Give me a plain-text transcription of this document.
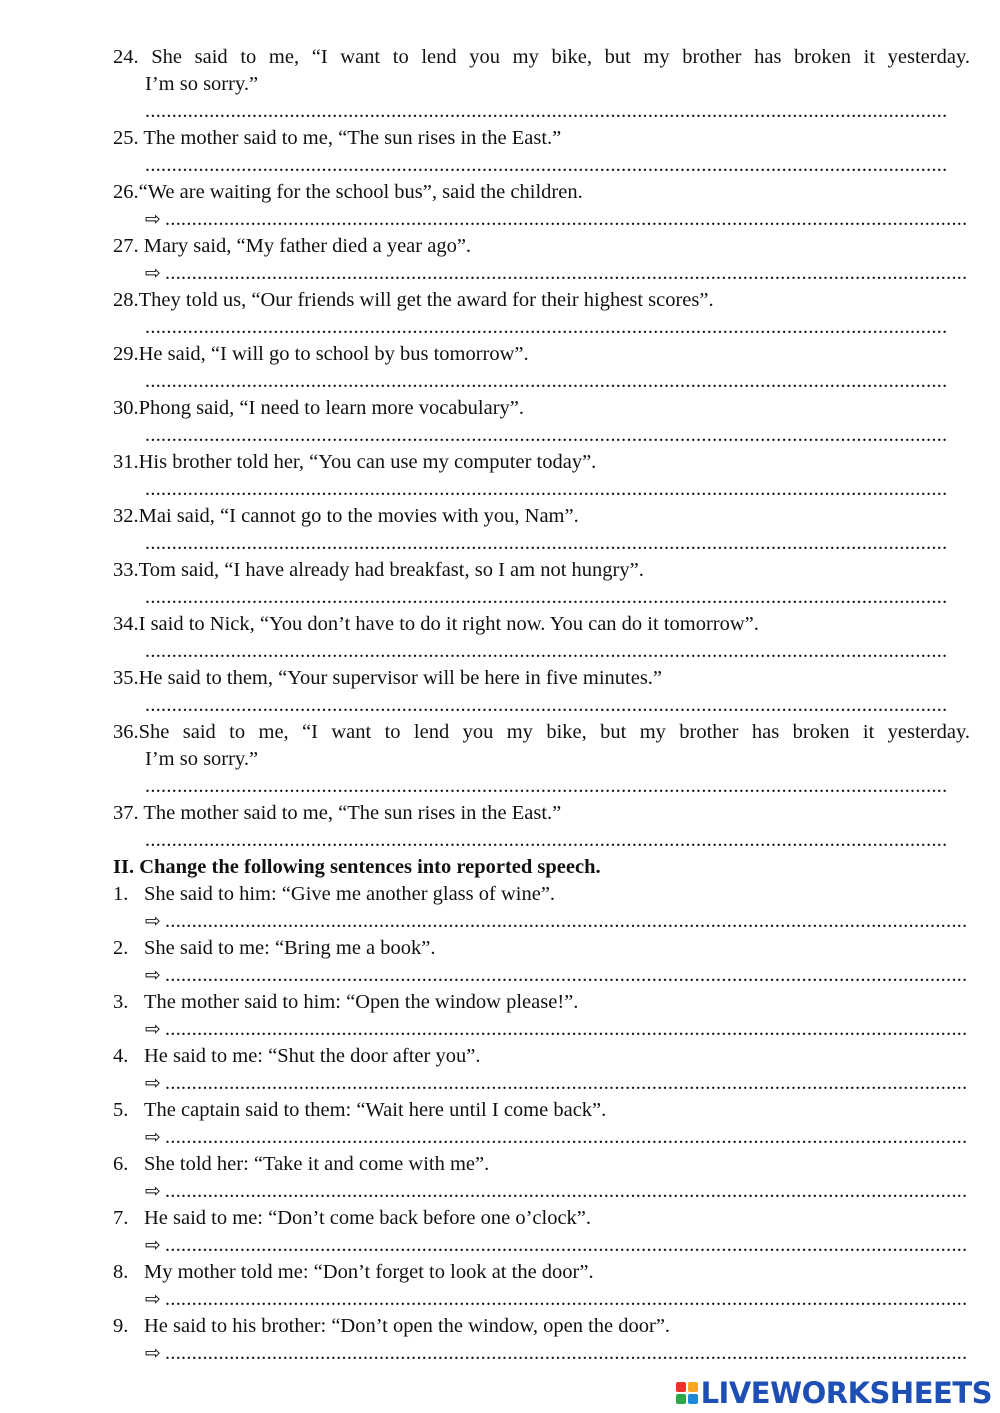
24. She said to me, “I want to lend you my bike, but my brother has broken it yesterday.
I’m so sorry.”
......................................................................................................................................................
25. The mother said to me, “The sun rises in the East.”
......................................................................................................................................................
26.“We are waiting for the school bus”, said the children.
⇨ ......................................................................................................................................................
27. Mary said, “My father died a year ago”.
⇨ ......................................................................................................................................................
28.They told us, “Our friends will get the award for their highest scores”.
......................................................................................................................................................
29.He said, “I will go to school by bus tomorrow”.
......................................................................................................................................................
30.Phong said, “I need to learn more vocabulary”.
......................................................................................................................................................
31.His brother told her, “You can use my computer today”.
......................................................................................................................................................
32.Mai said, “I cannot go to the movies with you, Nam”.
......................................................................................................................................................
33.Tom said, “I have already had breakfast, so I am not hungry”.
......................................................................................................................................................
34.I said to Nick, “You don’t have to do it right now. You can do it tomorrow”.
......................................................................................................................................................
35.He said to them, “Your supervisor will be here in five minutes.”
......................................................................................................................................................
36.She said to me, “I want to lend you my bike, but my brother has broken it yesterday.
I’m so sorry.”
......................................................................................................................................................
37. The mother said to me, “The sun rises in the East.”
......................................................................................................................................................
II. Change the following sentences into reported speech.
1. She said to him: “Give me another glass of wine”.
⇨ ......................................................................................................................................................
2. She said to me: “Bring me a book”.
⇨ ......................................................................................................................................................
3. The mother said to him: “Open the window please!”.
⇨ ......................................................................................................................................................
4. He said to me: “Shut the door after you”.
⇨ ......................................................................................................................................................
5. The captain said to them: “Wait here until I come back”.
⇨ ......................................................................................................................................................
6. She told her: “Take it and come with me”.
⇨ ......................................................................................................................................................
7. He said to me: “Don’t come back before one o’clock”.
⇨ ......................................................................................................................................................
8. My mother told me: “Don’t forget to look at the door”.
⇨ ......................................................................................................................................................
9. He said to his brother: “Don’t open the window, open the door”.
⇨ ......................................................................................................................................................
LIVEWORKSHEETS
